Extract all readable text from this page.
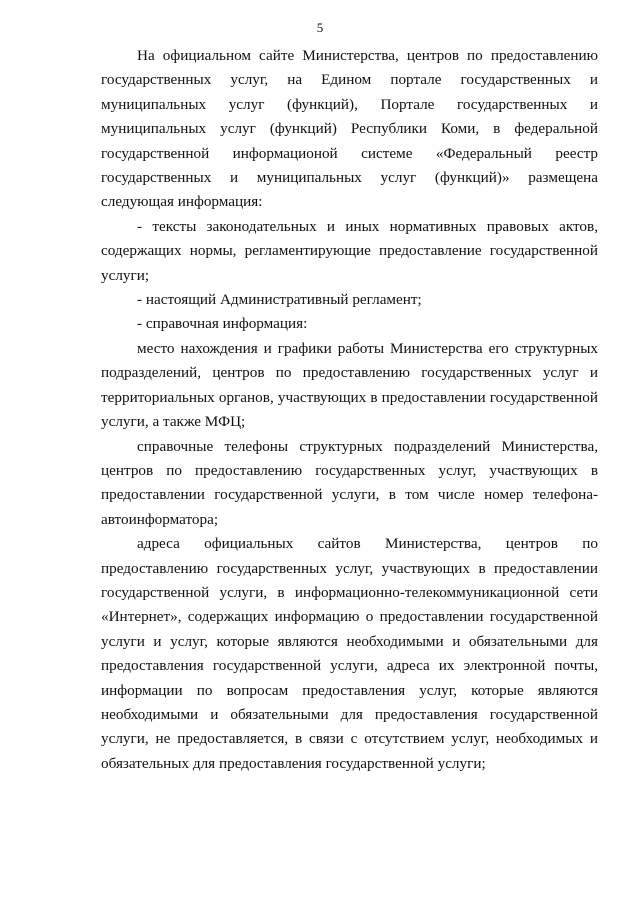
5

На официальном сайте Министерства, центров по предоставлению государственных услуг, на Едином портале государственных и муниципальных услуг (функций), Портале государственных и муниципальных услуг (функций) Республики Коми, в федеральной государственной информационой системе «Федеральный реестр государственных и муниципальных услуг (функций)» размещена следующая информация:

- тексты законодательных и иных нормативных правовых актов, содержащих нормы, регламентирующие предоставление государственной услуги;

- настоящий Административный регламент;

- справочная информация:

место нахождения и графики работы Министерства его структурных подразделений, центров по предоставлению государственных услуг и территориальных органов, участвующих в предоставлении государственной услуги, а также МФЦ;

справочные телефоны структурных подразделений Министерства, центров по предоставлению государственных услуг, участвующих в предоставлении государственной услуги, в том числе номер телефона-автоинформатора;

адреса официальных сайтов Министерства, центров по предоставлению государственных услуг, участвующих в предоставлении государственной услуги, в информационно-телекоммуникационной сети «Интернет», содержащих информацию о предоставлении государственной услуги и услуг, которые являются необходимыми и обязательными для предоставления государственной услуги, адреса их электронной почты, информации по вопросам предоставления услуг, которые являются необходимыми и обязательными для предоставления государственной услуги, не предоставляется, в связи с отсутствием услуг, необходимых и обязательных для предоставления государственной услуги;
